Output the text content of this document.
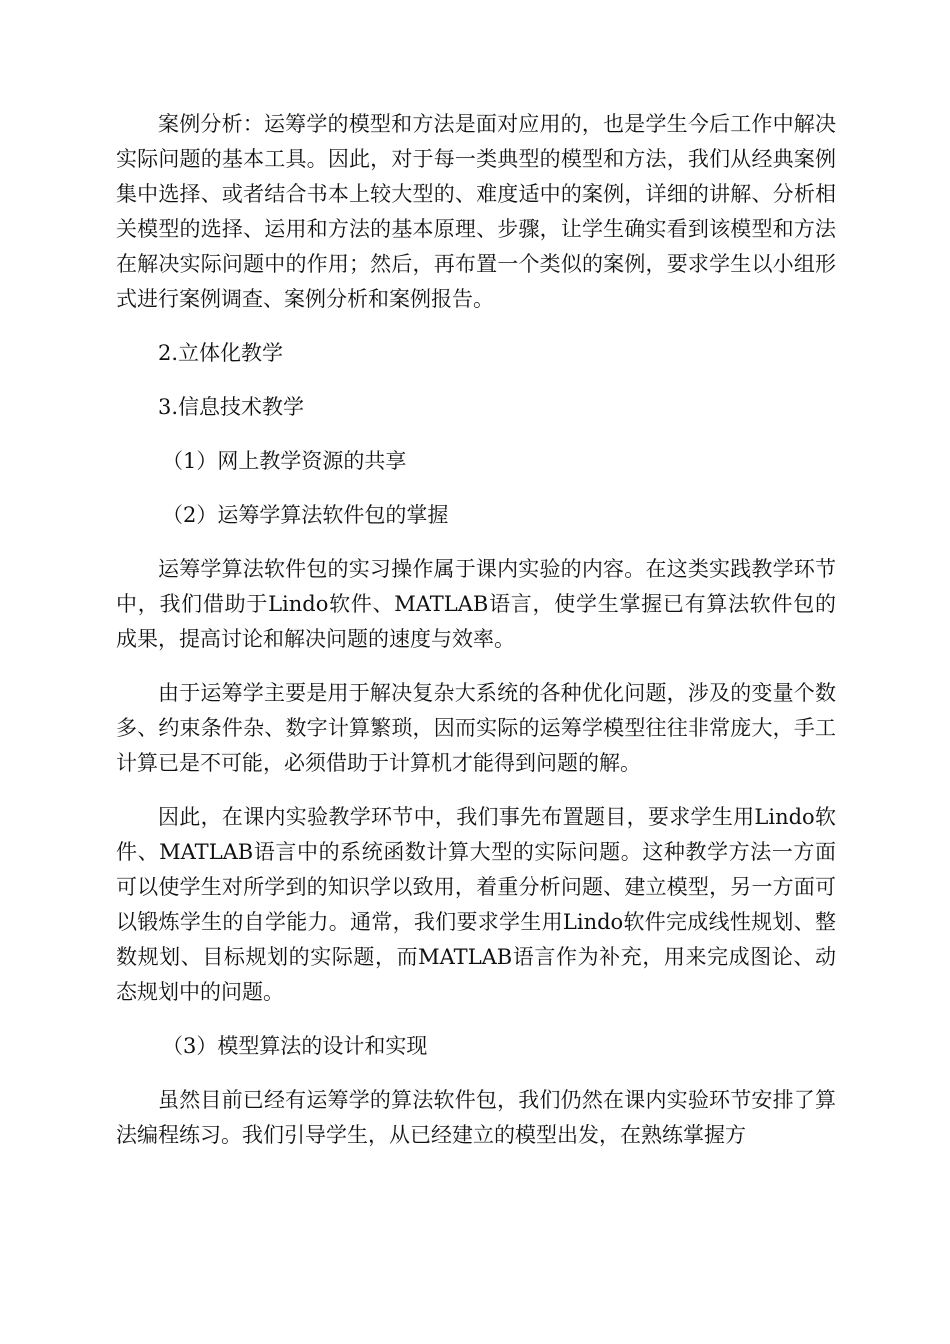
案例分析：运筹学的模型和方法是面对应用的，也是学生今后工作中解决实际问题的基本工具。因此，对于每一类典型的模型和方法，我们从经典案例集中选择、或者结合书本上较大型的、难度适中的案例，详细的讲解、分析相关模型的选择、运用和方法的基本原理、步骤，让学生确实看到该模型和方法在解决实际问题中的作用；然后，再布置一个类似的案例，要求学生以小组形式进行案例调查、案例分析和案例报告。

2.立体化教学

3.信息技术教学

（1）网上教学资源的共享

（2）运筹学算法软件包的掌握

运筹学算法软件包的实习操作属于课内实验的内容。在这类实践教学环节中，我们借助于Lindo软件、MATLAB语言，使学生掌握已有算法软件包的成果，提高讨论和解决问题的速度与效率。

由于运筹学主要是用于解决复杂大系统的各种优化问题，涉及的变量个数多、约束条件杂、数字计算繁琐，因而实际的运筹学模型往往非常庞大，手工计算已是不可能，必须借助于计算机才能得到问题的解。

因此，在课内实验教学环节中，我们事先布置题目，要求学生用Lindo软件、MATLAB语言中的系统函数计算大型的实际问题。这种教学方法一方面可以使学生对所学到的知识学以致用，着重分析问题、建立模型，另一方面可以锻炼学生的自学能力。通常，我们要求学生用Lindo软件完成线性规划、整数规划、目标规划的实际题，而MATLAB语言作为补充，用来完成图论、动态规划中的问题。

（3）模型算法的设计和实现

虽然目前已经有运筹学的算法软件包，我们仍然在课内实验环节安排了算法编程练习。我们引导学生，从已经建立的模型出发，在熟练掌握方
